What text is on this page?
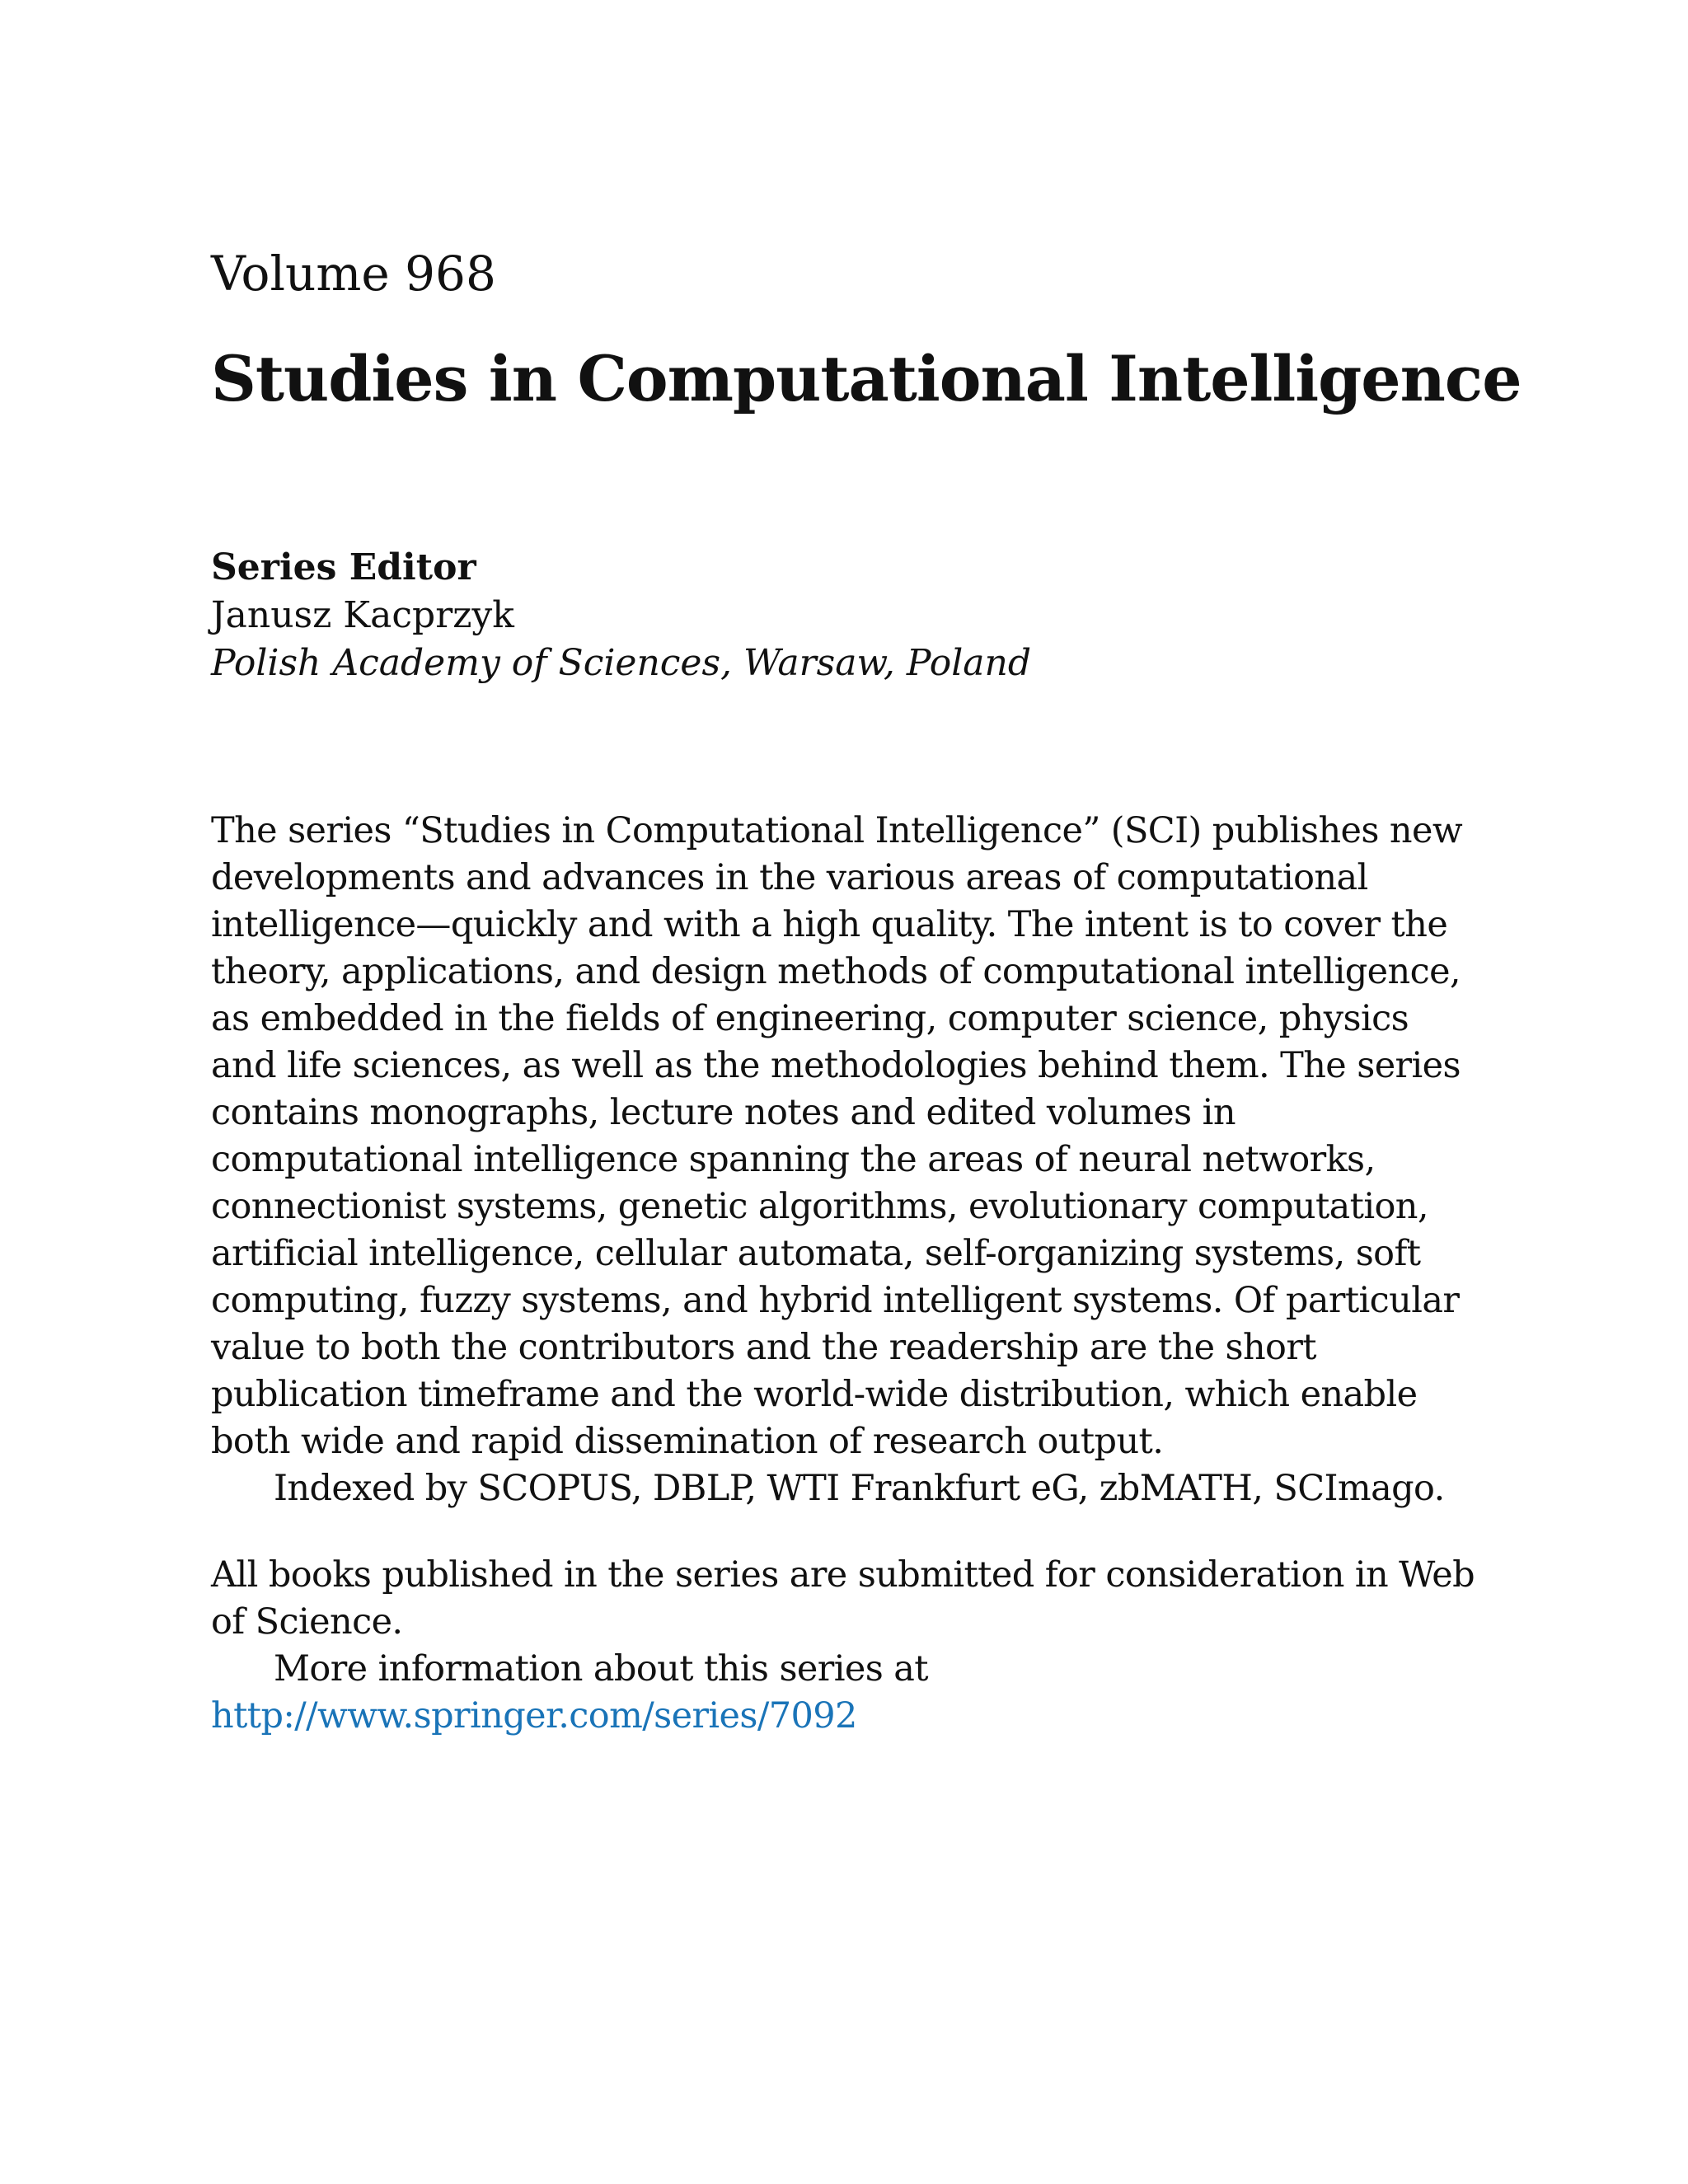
Volume 968
Studies in Computational Intelligence
Series Editor
Janusz Kacprzyk
Polish Academy of Sciences, Warsaw, Poland

The series “Studies in Computational Intelligence” (SCI) publishes new developments and advances in the various areas of computational intelligence—quickly and with a high quality. The intent is to cover the theory, applications, and design methods of computational intelligence, as embedded in the fields of engineering, computer science, physics and life sciences, as well as the methodologies behind them. The series contains monographs, lecture notes and edited volumes in computational intelligence spanning the areas of neural networks, connectionist systems, genetic algorithms, evolutionary computation, artificial intelligence, cellular automata, self-organizing systems, soft computing, fuzzy systems, and hybrid intelligent systems. Of particular value to both the contributors and the readership are the short publication timeframe and the world-wide distribution, which enable both wide and rapid dissemination of research output.

Indexed by SCOPUS, DBLP, WTI Frankfurt eG, zbMATH, SCImago.

All books published in the series are submitted for consideration in Web of Science.

More information about this series at http://www.springer.com/series/7092
